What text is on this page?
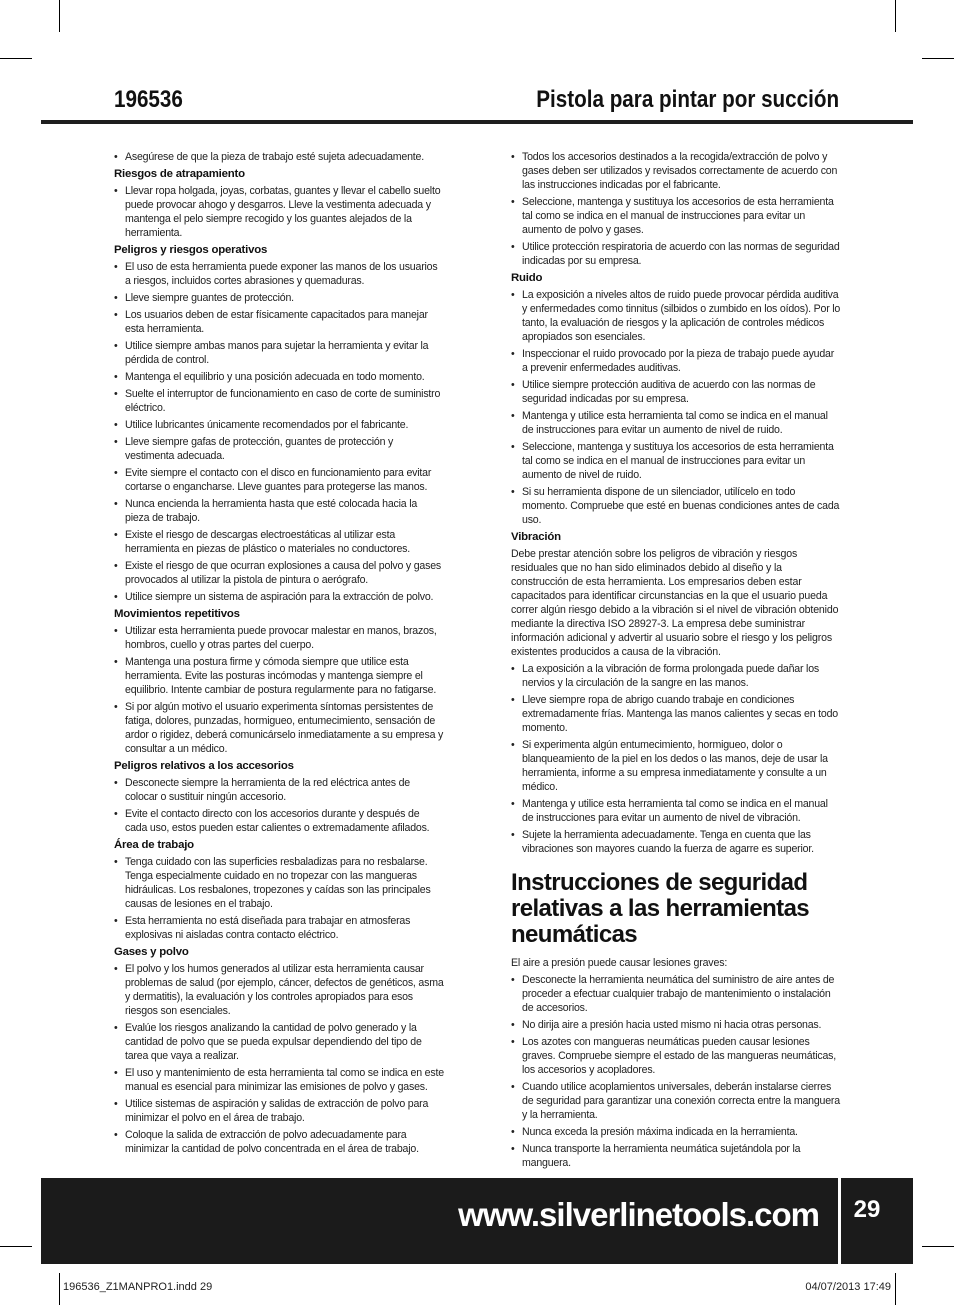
196536	Pistola para pintar por succión
• Asegúrese de que la pieza de trabajo esté sujeta adecuadamente.
Riesgos de atrapamiento
• Llevar ropa holgada, joyas, corbatas, guantes y llevar el cabello suelto puede provocar ahogo y desgarros. Lleve la vestimenta adecuada y mantenga el pelo siempre recogido y los guantes alejados de la herramienta.
Peligros y riesgos operativos
• El uso de esta herramienta puede exponer las manos de los usuarios a riesgos, incluidos cortes abrasiones y quemaduras.
• Lleve siempre guantes de protección.
• Los usuarios deben de estar físicamente capacitados para manejar esta herramienta.
• Utilice siempre ambas manos para sujetar la herramienta y evitar la pérdida de control.
• Mantenga el equilibrio y una posición adecuada en todo momento.
• Suelte el interruptor de funcionamiento en caso de corte de suministro eléctrico.
• Utilice lubricantes únicamente recomendados por el fabricante.
• Lleve siempre gafas de protección, guantes de protección y vestimenta adecuada.
• Evite siempre el contacto con el disco en funcionamiento para evitar cortarse o engancharse. Lleve guantes para protegerse las manos.
• Nunca encienda la herramienta hasta que esté colocada hacia la pieza de trabajo.
• Existe el riesgo de descargas electroestáticas al utilizar esta herramienta en piezas de plástico o materiales no conductores.
• Existe el riesgo de que ocurran explosiones a causa del polvo y gases provocados al utilizar la pistola de pintura o aerógrafo.
• Utilice siempre un sistema de aspiración para la extracción de polvo.
Movimientos repetitivos
• Utilizar esta herramienta puede provocar malestar en manos, brazos, hombros, cuello y otras partes del cuerpo.
• Mantenga una postura firme y cómoda siempre que utilice esta herramienta. Evite las posturas incómodas y mantenga siempre el equilibrio. Intente cambiar de postura regularmente para no fatigarse.
• Si por algún motivo el usuario experimenta síntomas persistentes de fatiga, dolores, punzadas, hormigueo, entumecimiento, sensación de ardor o rigidez, deberá comunicárselo inmediatamente a su empresa y consultar a un médico.
Peligros relativos a los accesorios
• Desconecte siempre la herramienta de la red eléctrica antes de colocar o sustituir ningún accesorio.
• Evite el contacto directo con los accesorios durante y después de cada uso, estos pueden estar calientes o extremadamente afilados.
Área de trabajo
• Tenga cuidado con las superficies resbaladizas para no resbalarse. Tenga especialmente cuidado en no tropezar con las mangueras hidráulicas. Los resbalones, tropezones y caídas son las principales causas de lesiones en el trabajo.
• Esta herramienta no está diseñada para trabajar en atmosferas explosivas ni aisladas contra contacto eléctrico.
Gases y polvo
• El polvo y los humos generados al utilizar esta herramienta causar problemas de salud (por ejemplo, cáncer, defectos de genéticos, asma y dermatitis), la evaluación y los controles apropiados para esos riesgos son esenciales.
• Evalúe los riesgos analizando la cantidad de polvo generado y la cantidad de polvo que se pueda expulsar dependiendo del tipo de tarea que vaya a realizar.
• El uso y mantenimiento de esta herramienta tal como se indica en este manual es esencial para minimizar las emisiones de polvo y gases.
• Utilice sistemas de aspiración y salidas de extracción de polvo para minimizar el polvo en el área de trabajo.
• Coloque la salida de extracción de polvo adecuadamente para minimizar la cantidad de polvo concentrada en el área de trabajo.
• Todos los accesorios destinados a la recogida/extracción de polvo y gases deben ser utilizados y revisados correctamente de acuerdo con las instrucciones indicadas por el fabricante.
• Seleccione, mantenga y sustituya los accesorios de esta herramienta tal como se indica en el manual de instrucciones para evitar un aumento de polvo y gases.
• Utilice protección respiratoria de acuerdo con las normas de seguridad indicadas por su empresa.
Ruido
• La exposición a niveles altos de ruido puede provocar pérdida auditiva y enfermedades como tinnitus (silbidos o zumbido en los oídos). Por lo tanto, la evaluación de riesgos y la aplicación de controles médicos apropiados son esenciales.
• Inspeccionar el ruido provocado por la pieza de trabajo puede ayudar a prevenir enfermedades auditivas.
• Utilice siempre protección auditiva de acuerdo con las normas de seguridad indicadas por su empresa.
• Mantenga y utilice esta herramienta tal como se indica en el manual de instrucciones para evitar un aumento de nivel de ruido.
• Seleccione, mantenga y sustituya los accesorios de esta herramienta tal como se indica en el manual de instrucciones para evitar un aumento de nivel de ruido.
• Si su herramienta dispone de un silenciador, utilícelo en todo momento. Compruebe que esté en buenas condiciones antes de cada uso.
Vibración
Debe prestar atención sobre los peligros de vibración y riesgos residuales que no han sido eliminados debido al diseño y la construcción de esta herramienta. Los empresarios deben estar capacitados para identificar circunstancias en la que el usuario pueda correr algún riesgo debido a la vibración si el nivel de vibración obtenido mediante la directiva ISO 28927-3. La empresa debe suministrar información adicional y advertir al usuario sobre el riesgo y los peligros existentes producidos a causa de la vibración.
• La exposición a la vibración de forma prolongada puede dañar los nervios y la circulación de la sangre en las manos.
• Lleve siempre ropa de abrigo cuando trabaje en condiciones extremadamente frías. Mantenga las manos calientes y secas en todo momento.
• Si experimenta algún entumecimiento, hormigueo, dolor o blanqueamiento de la piel en los dedos o las manos, deje de usar la herramienta, informe a su empresa inmediatamente y consulte a un médico.
• Mantenga y utilice esta herramienta tal como se indica en el manual de instrucciones para evitar un aumento de nivel de vibración.
• Sujete la herramienta adecuadamente. Tenga en cuenta que las vibraciones son mayores cuando la fuerza de agarre es superior.
Instrucciones de seguridad relativas a las herramientas neumáticas
El aire a presión puede causar lesiones graves:
• Desconecte la herramienta neumática del suministro de aire antes de proceder a efectuar cualquier trabajo de mantenimiento o instalación de accesorios.
• No dirija aire a presión hacia usted mismo ni hacia otras personas.
• Los azotes con mangueras neumáticas pueden causar lesiones graves. Compruebe siempre el estado de las mangueras neumáticas, los accesorios y acopladores.
• Cuando utilice acoplamientos universales, deberán instalarse cierres de seguridad para garantizar una conexión correcta entre la manguera y la herramienta.
• Nunca exceda la presión máxima indicada en la herramienta.
• Nunca transporte la herramienta neumática sujetándola por la manguera.
www.silverlinetools.com	29
196536_Z1MANPRO1.indd 29	04/07/2013 17:49
